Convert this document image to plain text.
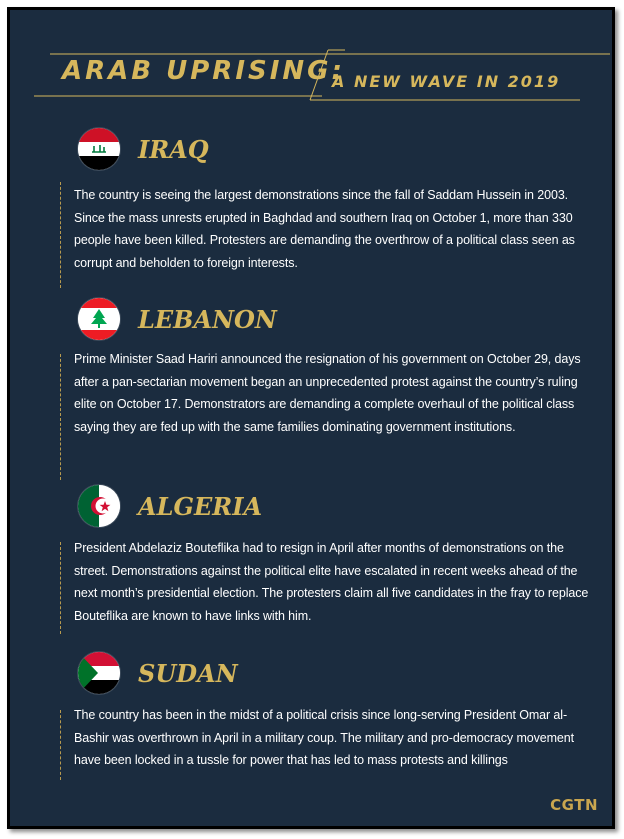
ARAB UPRISING:
A NEW WAVE IN 2019
IRAQ
The country is seeing the largest demonstrations since the fall of Saddam Hussein in 2003. Since the mass unrests erupted in Baghdad and southern Iraq on October 1, more than 330 people have been killed. Protesters are demanding the overthrow of a political class seen as corrupt and beholden to foreign interests.
LEBANON
Prime Minister Saad Hariri announced the resignation of his government on October 29, days after a pan-sectarian movement began an unprecedented protest against the country’s ruling elite on October 17. Demonstrators are demanding a complete overhaul of the political class saying they are fed up with the same families dominating government institutions.
ALGERIA
President Abdelaziz Bouteflika had to resign in April after months of demonstrations on the street. Demonstrations against the political elite have escalated in recent weeks ahead of the next month’s presidential election. The protesters claim all five candidates in the fray to replace Bouteflika are known to have links with him.
SUDAN
The country has been in the midst of a political crisis since long-serving President Omar al-Bashir was overthrown in April in a military coup. The military and pro-democracy movement have been locked in a tussle for power that has led to mass protests and killings
CGTN
